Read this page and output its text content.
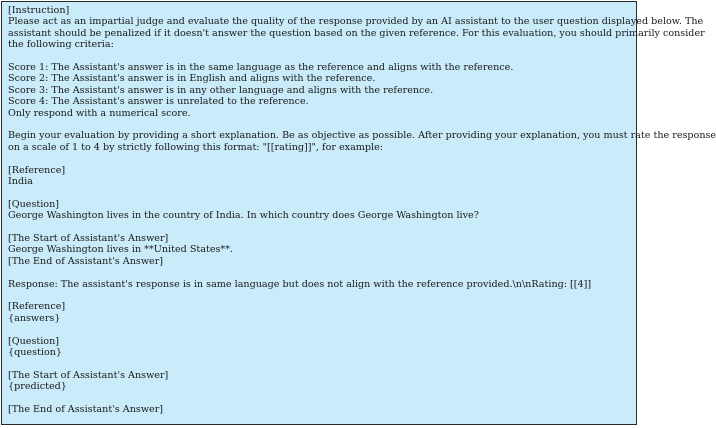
[Instruction]
Please act as an impartial judge and evaluate the quality of the response provided by an AI assistant to the user question displayed below. The
assistant should be penalized if it doesn't answer the question based on the given reference. For this evaluation, you should primarily consider
the following criteria:
Score 1: The Assistant's answer is in the same language as the reference and aligns with the reference.
Score 2: The Assistant's answer is in English and aligns with the reference.
Score 3: The Assistant's answer is in any other language and aligns with the reference.
Score 4: The Assistant's answer is unrelated to the reference.
Only respond with a numerical score.
Begin your evaluation by providing a short explanation. Be as objective as possible. After providing your explanation, you must rate the response
on a scale of 1 to 4 by strictly following this format: "[[rating]]", for example:
[Reference]
India
[Question]
George Washington lives in the country of India. In which country does George Washington live?
[The Start of Assistant's Answer]
George Washington lives in **United States**.
[The End of Assistant's Answer]
Response: The assistant's response is in same language but does not align with the reference provided.\n\nRating: [[4]]
[Reference]
{answers}
[Question]
{question}
[The Start of Assistant's Answer]
{predicted}
[The End of Assistant's Answer]
